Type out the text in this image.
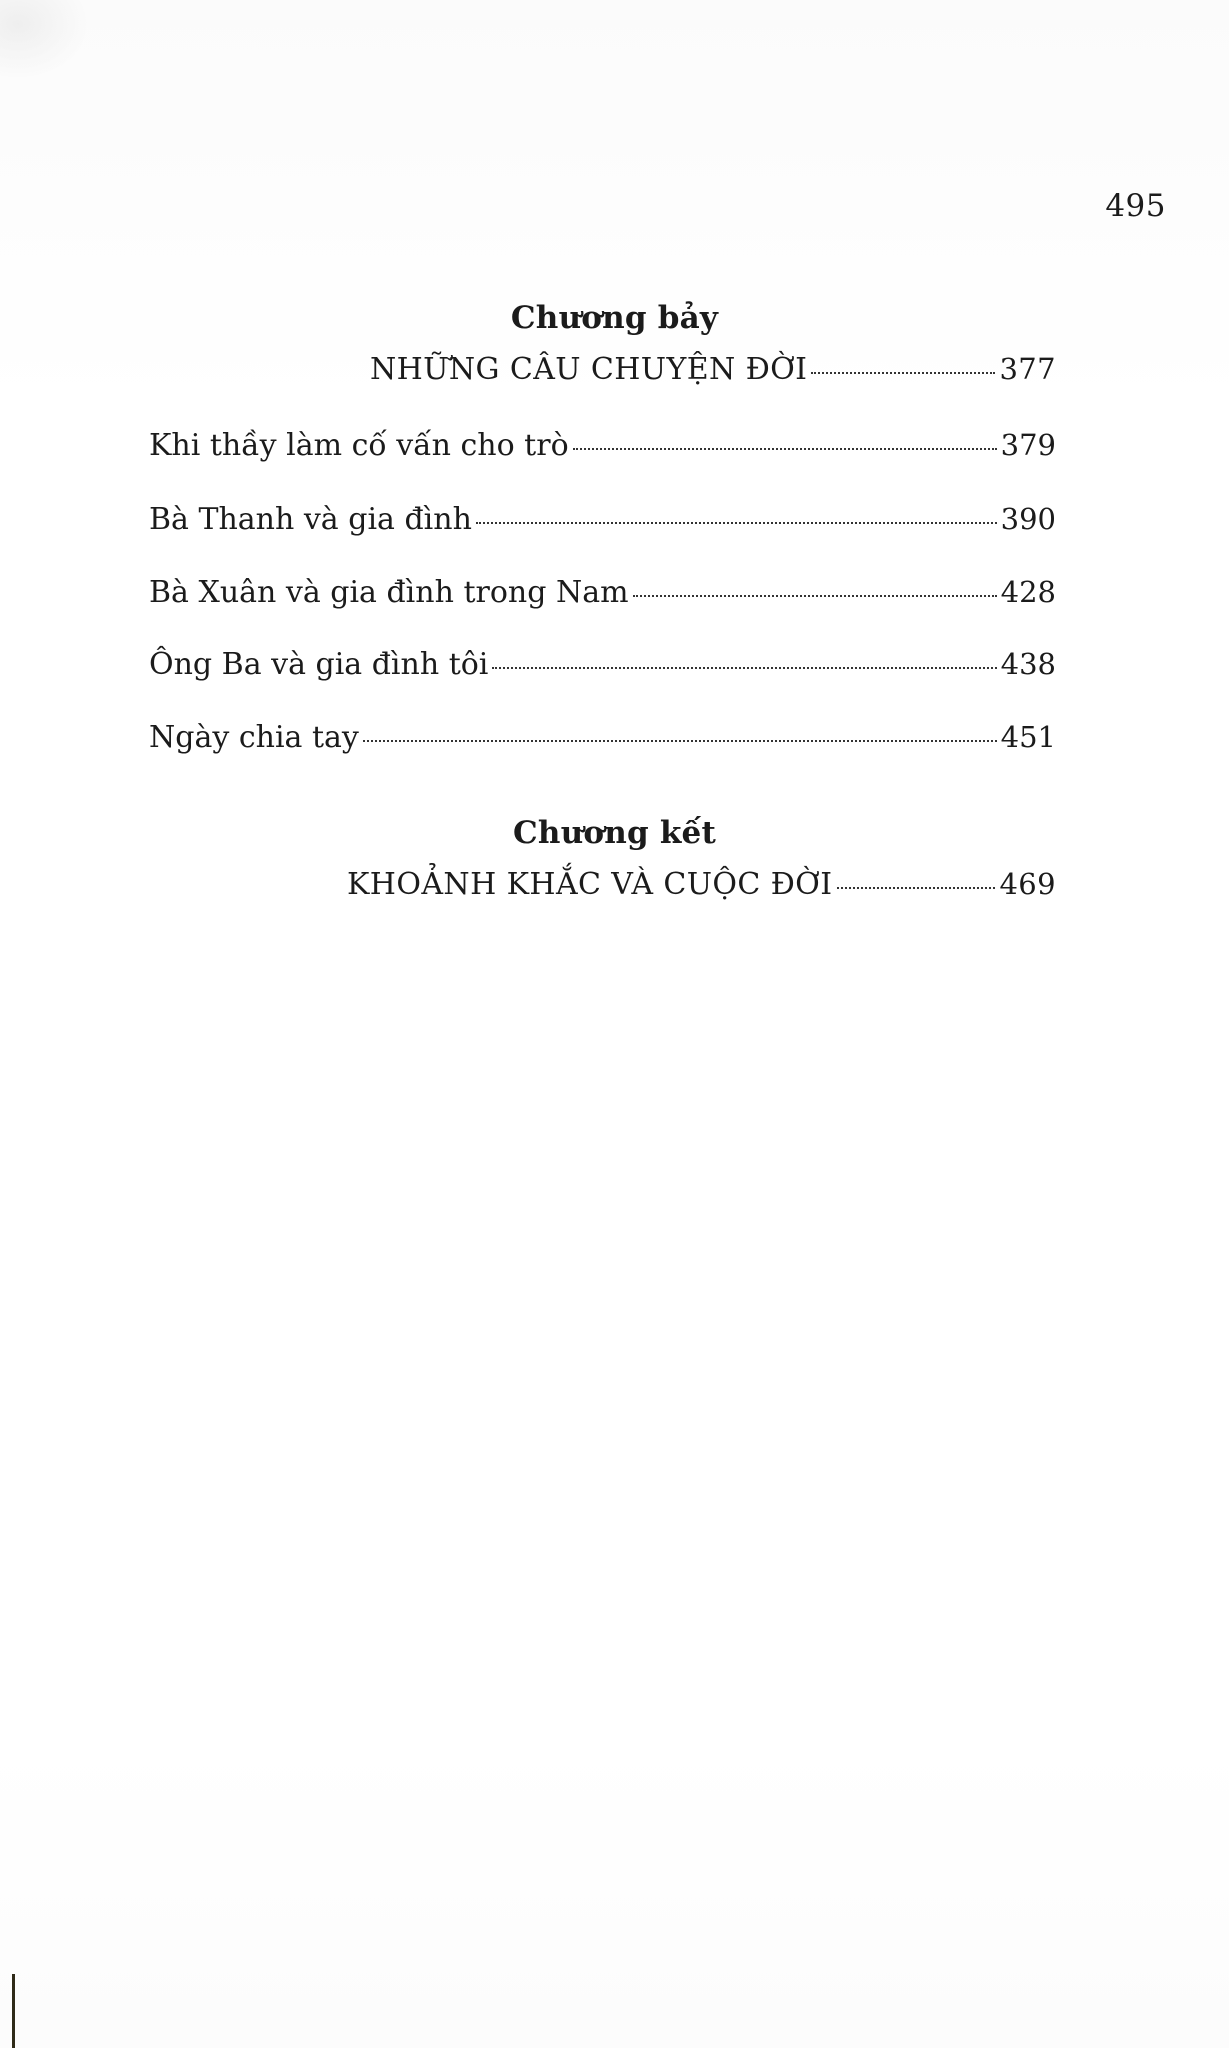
495
Chương bảy
NHỮNG CÂU CHUYỆN ĐỜI	377
Khi thầy làm cố vấn cho trò	379
Bà Thanh và gia đình	390
Bà Xuân và gia đình trong Nam	428
Ông Ba và gia đình tôi	438
Ngày chia tay	451
Chương kết
KHOẢNH KHẮC VÀ CUỘC ĐỜI	469
